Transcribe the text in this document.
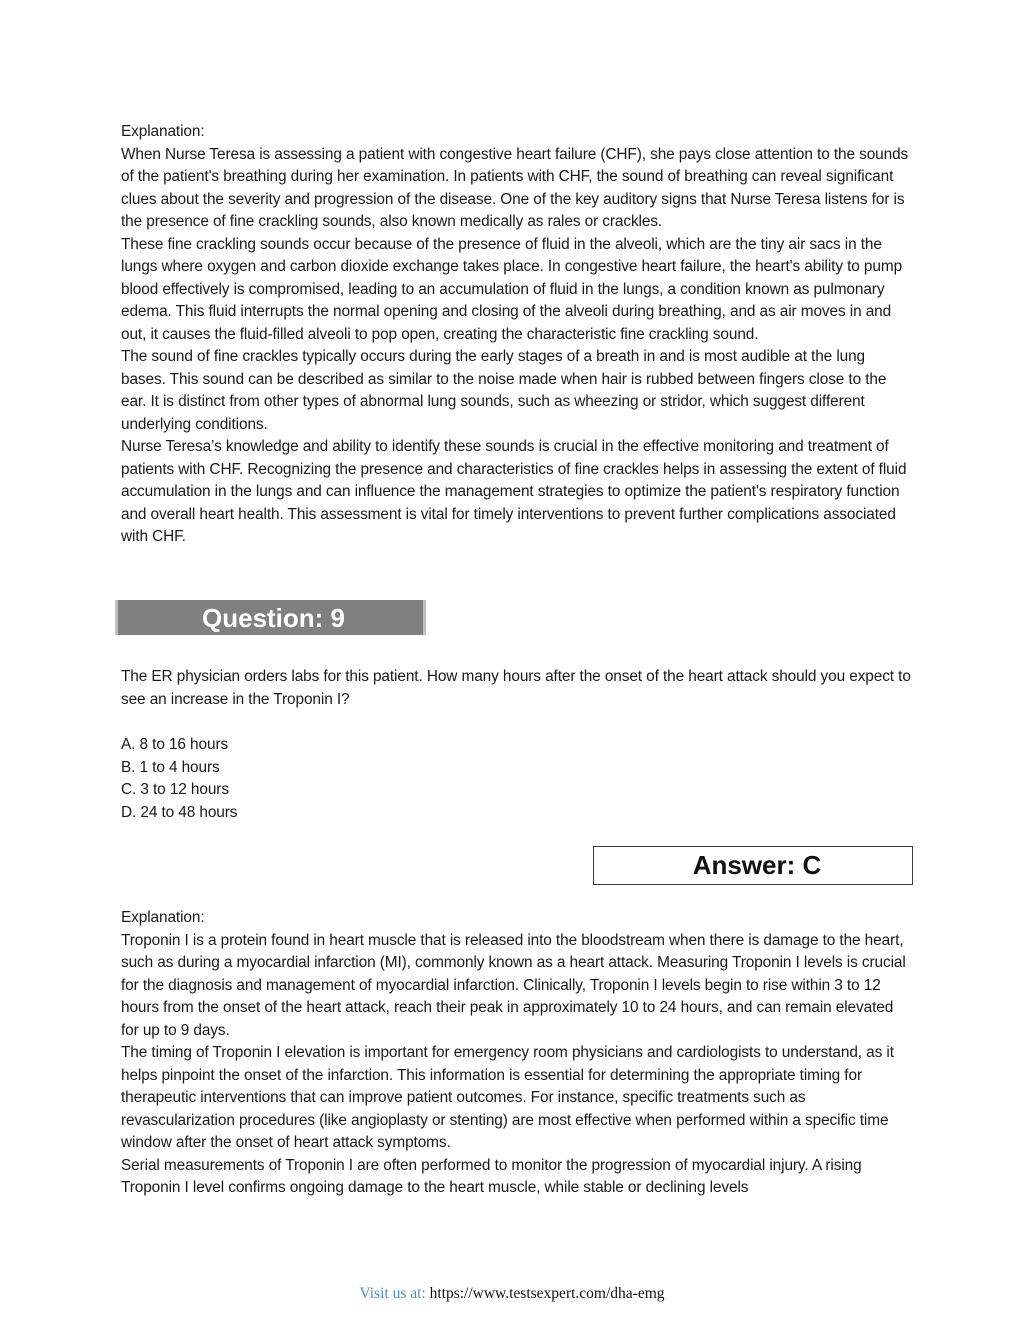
Explanation:

When Nurse Teresa is assessing a patient with congestive heart failure (CHF), she pays close attention to the sounds of the patient's breathing during her examination. In patients with CHF, the sound of breathing can reveal significant clues about the severity and progression of the disease. One of the key auditory signs that Nurse Teresa listens for is the presence of fine crackling sounds, also known medically as rales or crackles.

These fine crackling sounds occur because of the presence of fluid in the alveoli, which are the tiny air sacs in the lungs where oxygen and carbon dioxide exchange takes place. In congestive heart failure, the heart's ability to pump blood effectively is compromised, leading to an accumulation of fluid in the lungs, a condition known as pulmonary edema. This fluid interrupts the normal opening and closing of the alveoli during breathing, and as air moves in and out, it causes the fluid-filled alveoli to pop open, creating the characteristic fine crackling sound.

The sound of fine crackles typically occurs during the early stages of a breath in and is most audible at the lung bases. This sound can be described as similar to the noise made when hair is rubbed between fingers close to the ear. It is distinct from other types of abnormal lung sounds, such as wheezing or stridor, which suggest different underlying conditions.

Nurse Teresa’s knowledge and ability to identify these sounds is crucial in the effective monitoring and treatment of patients with CHF. Recognizing the presence and characteristics of fine crackles helps in assessing the extent of fluid accumulation in the lungs and can influence the management strategies to optimize the patient's respiratory function and overall heart health. This assessment is vital for timely interventions to prevent further complications associated with CHF.

Question: 9

The ER physician orders labs for this patient. How many hours after the onset of the heart attack should you expect to see an increase in the Troponin I?

A. 8 to 16 hours

B. 1 to 4 hours

C. 3 to 12 hours

D. 24 to 48 hours

Answer: C

Explanation:

Troponin I is a protein found in heart muscle that is released into the bloodstream when there is damage to the heart, such as during a myocardial infarction (MI), commonly known as a heart attack. Measuring Troponin I levels is crucial for the diagnosis and management of myocardial infarction. Clinically, Troponin I levels begin to rise within 3 to 12 hours from the onset of the heart attack, reach their peak in approximately 10 to 24 hours, and can remain elevated for up to 9 days.

The timing of Troponin I elevation is important for emergency room physicians and cardiologists to understand, as it helps pinpoint the onset of the infarction. This information is essential for determining the appropriate timing for therapeutic interventions that can improve patient outcomes. For instance, specific treatments such as revascularization procedures (like angioplasty or stenting) are most effective when performed within a specific time window after the onset of heart attack symptoms.

Serial measurements of Troponin I are often performed to monitor the progression of myocardial injury. A rising Troponin I level confirms ongoing damage to the heart muscle, while stable or declining levels

Visit us at: https://www.testsexpert.com/dha-emg
